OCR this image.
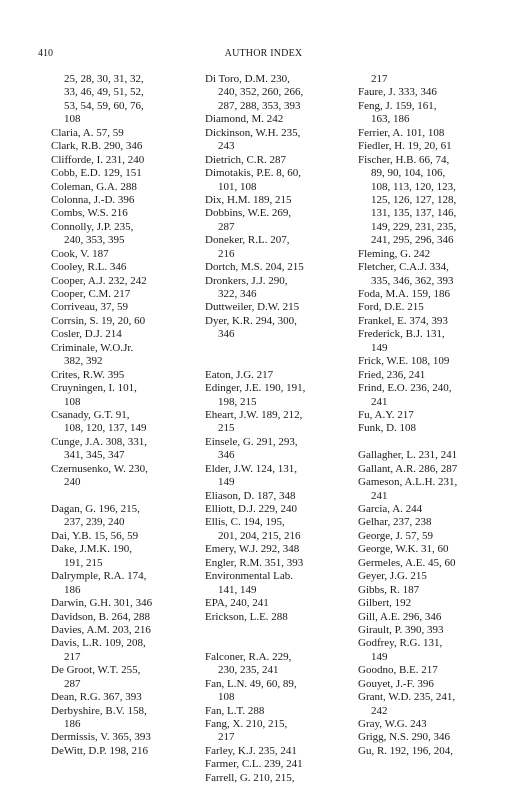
AUTHOR INDEX
410
25, 28, 30, 31, 32,
33, 46, 49, 51, 52,
53, 54, 59, 60, 76,
108
Claria, A. 57, 59
Clark, R.B. 290, 346
Clifforde, I. 231, 240
Cobb, E.D. 129, 151
Coleman, G.A. 288
Colonna, J.-D. 396
Combs, W.S. 216
Connolly, J.P. 235,
240, 353, 395
Cook, V. 187
Cooley, R.L. 346
Cooper, A.J. 232, 242
Cooper, C.M. 217
Corriveau, 37, 59
Corrsin, S. 19, 20, 60
Cosler, D.J. 214
Criminale, W.O.Jr.
382, 392
Crites, R.W. 395
Cruyningen, I. 101,
108
Csanady, G.T. 91,
108, 120, 137, 149
Cunge, J.A. 308, 331,
341, 345, 347
Czernusenko, W. 230,
240
Dagan, G. 196, 215,
237, 239, 240
Dai, Y.B. 15, 56, 59
Dake, J.M.K. 190,
191, 215
Dalrymple, R.A. 174,
186
Darwin, G.H. 301, 346
Davidson, B. 264, 288
Davies, A.M. 203, 216
Davis, L.R. 109, 208,
217
De Groot, W.T. 255,
287
Dean, R.G. 367, 393
Derbyshire, B.V. 158,
186
Dermissis, V. 365, 393
DeWitt, D.P. 198, 216
Di Toro, D.M. 230,
240, 352, 260, 266,
287, 288, 353, 393
Diamond, M. 242
Dickinson, W.H. 235,
243
Dietrich, C.R. 287
Dimotakis, P.E. 8, 60,
101, 108
Dix, H.M. 189, 215
Dobbins, W.E. 269,
287
Doneker, R.L. 207,
216
Dortch, M.S. 204, 215
Dronkers, J.J. 290,
322, 346
Duttweiler, D.W. 215
Dyer, K.R. 294, 300,
346
Eaton, J.G. 217
Edinger, J.E. 190, 191,
198, 215
Eheart, J.W. 189, 212,
215
Einsele, G. 291, 293,
346
Elder, J.W. 124, 131,
149
Eliason, D. 187, 348
Elliott, D.J. 229, 240
Ellis, C. 194, 195,
201, 204, 215, 216
Emery, W.J. 292, 348
Engler, R.M. 351, 393
Environmental Lab.
141, 149
EPA, 240, 241
Erickson, L.E. 288
Falconer, R.A. 229,
230, 235, 241
Fan, L.N. 49, 60, 89,
108
Fan, L.T. 288
Fang, X. 210, 215,
217
Farley, K.J. 235, 241
Farmer, C.L. 239, 241
Farrell, G. 210, 215,
217
Faure, J. 333, 346
Feng, J. 159, 161,
163, 186
Ferrier, A. 101, 108
Fiedler, H. 19, 20, 61
Fischer, H.B. 66, 74,
89, 90, 104, 106,
108, 113, 120, 123,
125, 126, 127, 128,
131, 135, 137, 146,
149, 229, 231, 235,
241, 295, 296, 346
Fleming, G. 242
Fletcher, C.A.J. 334,
335, 346, 362, 393
Foda, M.A. 159, 186
Ford, D.E. 215
Frankel, E. 374, 393
Frederick, B.J. 131,
149
Frick, W.E. 108, 109
Fried, 236, 241
Frind, E.O. 236, 240,
241
Fu, A.Y. 217
Funk, D. 108
Gallagher, L. 231, 241
Gallant, A.R. 286, 287
Gameson, A.L.H. 231,
241
Garcia, A. 244
Gelhar, 237, 238
George, J. 57, 59
George, W.K. 31, 60
Germeles, A.E. 45, 60
Geyer, J.G. 215
Gibbs, R. 187
Gilbert, 192
Gill, A.E. 296, 346
Girault, P. 390, 393
Godfrey, R.G. 131,
149
Goodno, B.E. 217
Gouyet, J.-F. 396
Grant, W.D. 235, 241,
242
Gray, W.G. 243
Grigg, N.S. 290, 346
Gu, R. 192, 196, 204,
